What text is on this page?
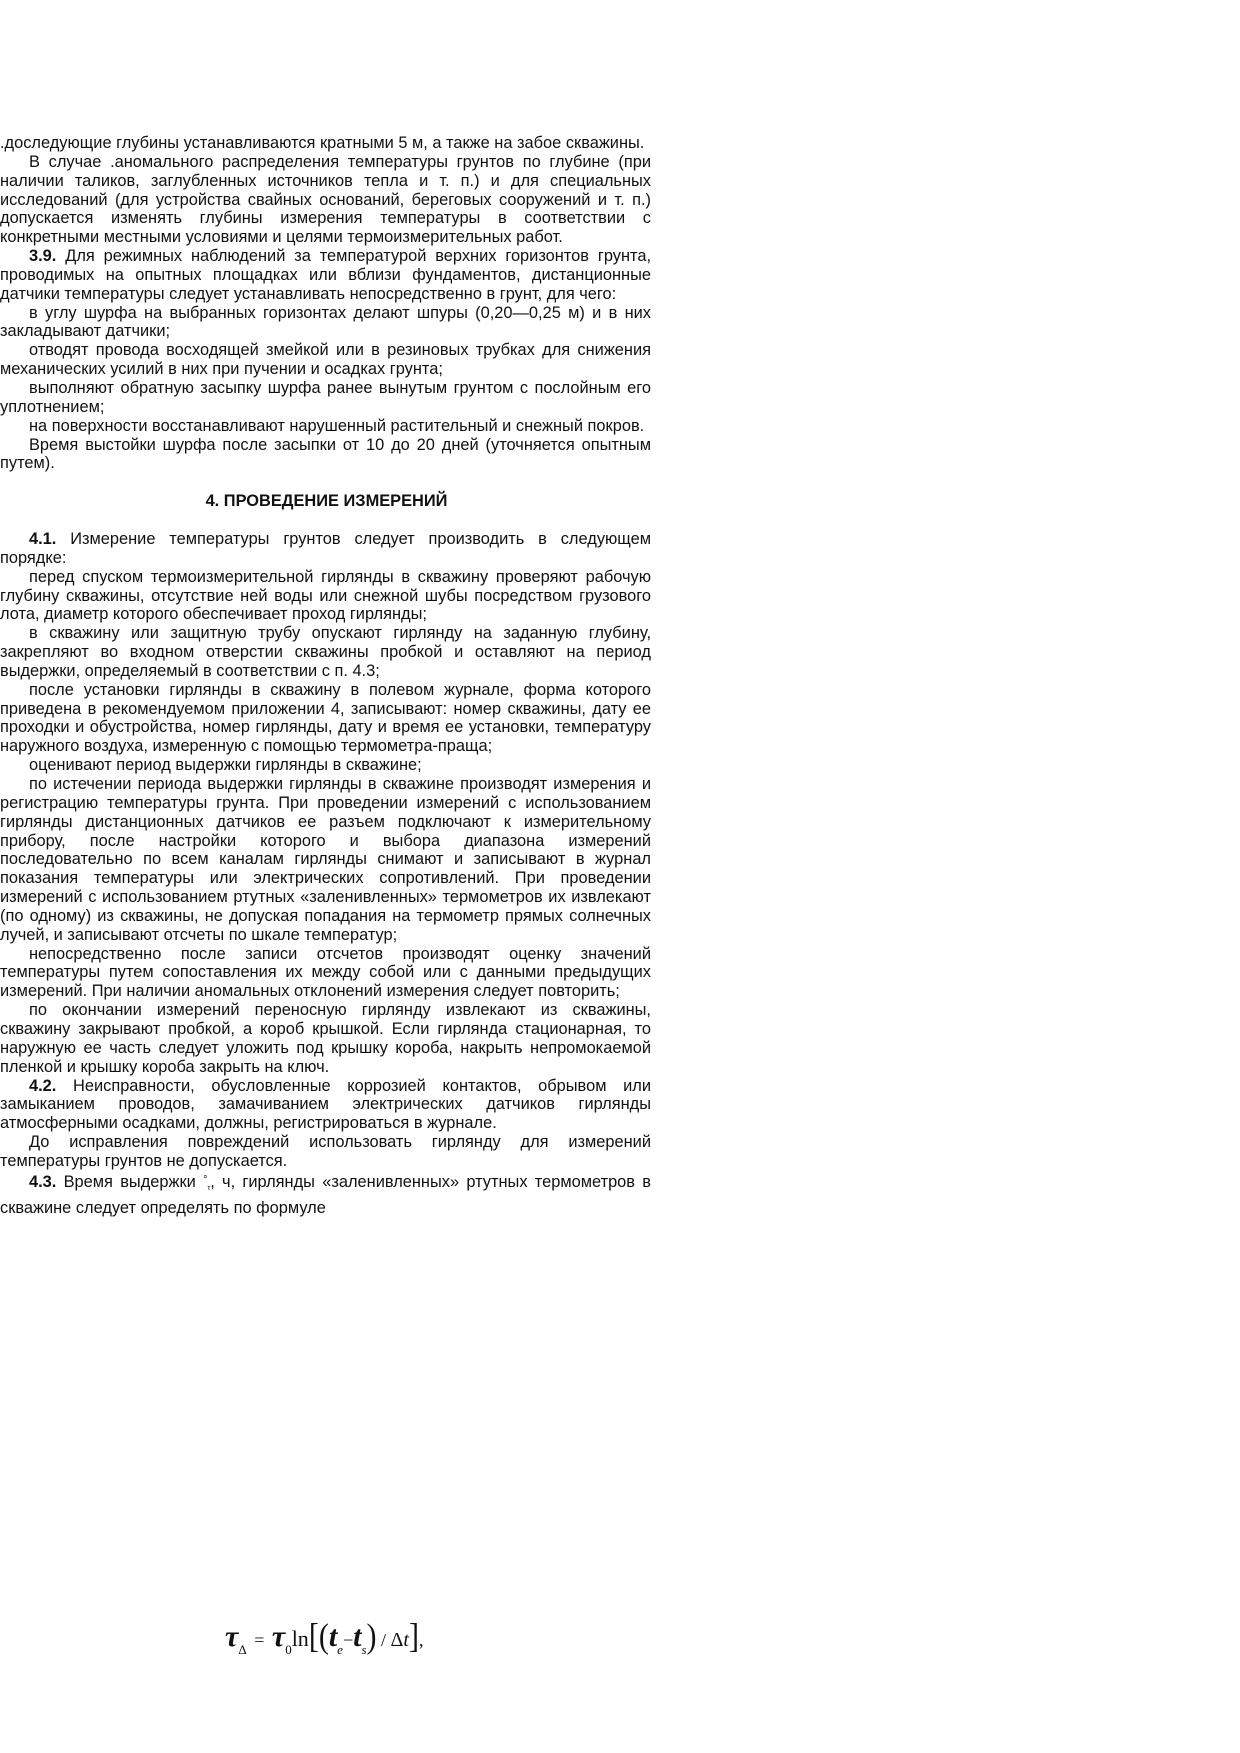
.доследующие глубины устанавливаются кратными 5 м, а также на забое скважины.

В случае .аномального распределения температуры грунтов по глубине (при наличии таликов, заглубленных источников тепла и т. п.) и для специальных исследований (для устройства свайных оснований, береговых сооружений и т. п.) допускается изменять глубины измерения температуры в соответствии с конкретными местными условиями и целями термоизмерительных работ.

3.9. Для режимных наблюдений за температурой верхних горизонтов грунта, проводимых на опытных площадках или вблизи фундаментов, дистанционные датчики температуры следует устанавливать непосредственно в грунт, для чего:

в углу шурфа на выбранных горизонтах делают шпуры (0,20—0,25 м) и в них закладывают датчики;

отводят провода восходящей змейкой или в резиновых трубках для снижения механических усилий в них при пучении и осадках грунта;

выполняют обратную засыпку шурфа ранее вынутым грунтом с послойным его уплотнением;

на поверхности восстанавливают нарушенный растительный и снежный покров.

Время выстойки шурфа после засыпки от 10 до 20 дней (уточняется опытным путем).

4. ПРОВЕДЕНИЕ ИЗМЕРЕНИЙ

4.1. Измерение температуры грунтов следует производить в следующем порядке:

перед спуском термоизмерительной гирлянды в скважину проверяют рабочую глубину скважины, отсутствие ней воды или снежной шубы посредством грузового лота, диаметр которого обеспечивает проход гирлянды;

в скважину или защитную трубу опускают гирлянду на заданную глубину, закрепляют во входном отверстии скважины пробкой и оставляют на период выдержки, определяемый в соответствии с п. 4.3;

после установки гирлянды в скважину в полевом журнале, форма которого приведена в рекомендуемом приложении 4, записывают: номер скважины, дату ее проходки и обустройства, номер гирлянды, дату и время ее установки, температуру наружного воздуха, измеренную с помощью термометра-праща;

оценивают период выдержки гирлянды в скважине;

по истечении периода выдержки гирлянды в скважине производят измерения и регистрацию температуры грунта. При проведении измерений с использованием гирлянды дистанционных датчиков ее разъем подключают к измерительному прибору, после настройки которого и выбора диапазона измерений последовательно по всем каналам гирлянды снимают и записывают в журнал показания температуры или электрических сопротивлений. При проведении измерений с использованием ртутных «заленивленных» термометров их извлекают (по одному) из скважины, не допуская попадания на термометр прямых солнечных лучей, и записывают отсчеты по шкале температур;

непосредственно после записи отсчетов производят оценку значений температуры путем сопоставления их между собой или с данными предыдущих измерений. При наличии аномальных отклонений измерения следует повторить;

по окончании измерений переносную гирлянду извлекают из скважины, скважину закрывают пробкой, а короб крышкой. Если гирлянда стационарная, то наружную ее часть следует уложить под крышку короба, накрыть непромокаемой пленкой и крышку короба закрыть на ключ.

4.2. Неисправности, обусловленные коррозией контактов, обрывом или замыканием проводов, замачиванием электрических датчиков гирлянды атмосферными осадками, должны, регистрироваться в журнале.

До исправления повреждений использовать гирлянду для измерений температуры грунтов не допускается.

4.3. Время выдержки °τ, ч, гирлянды «заленивленных» ртутных термометров в скважине следует определять по формуле

$\tau_\Delta = \tau_0\ln[(t_e-t_s) / \Delta t]$,
